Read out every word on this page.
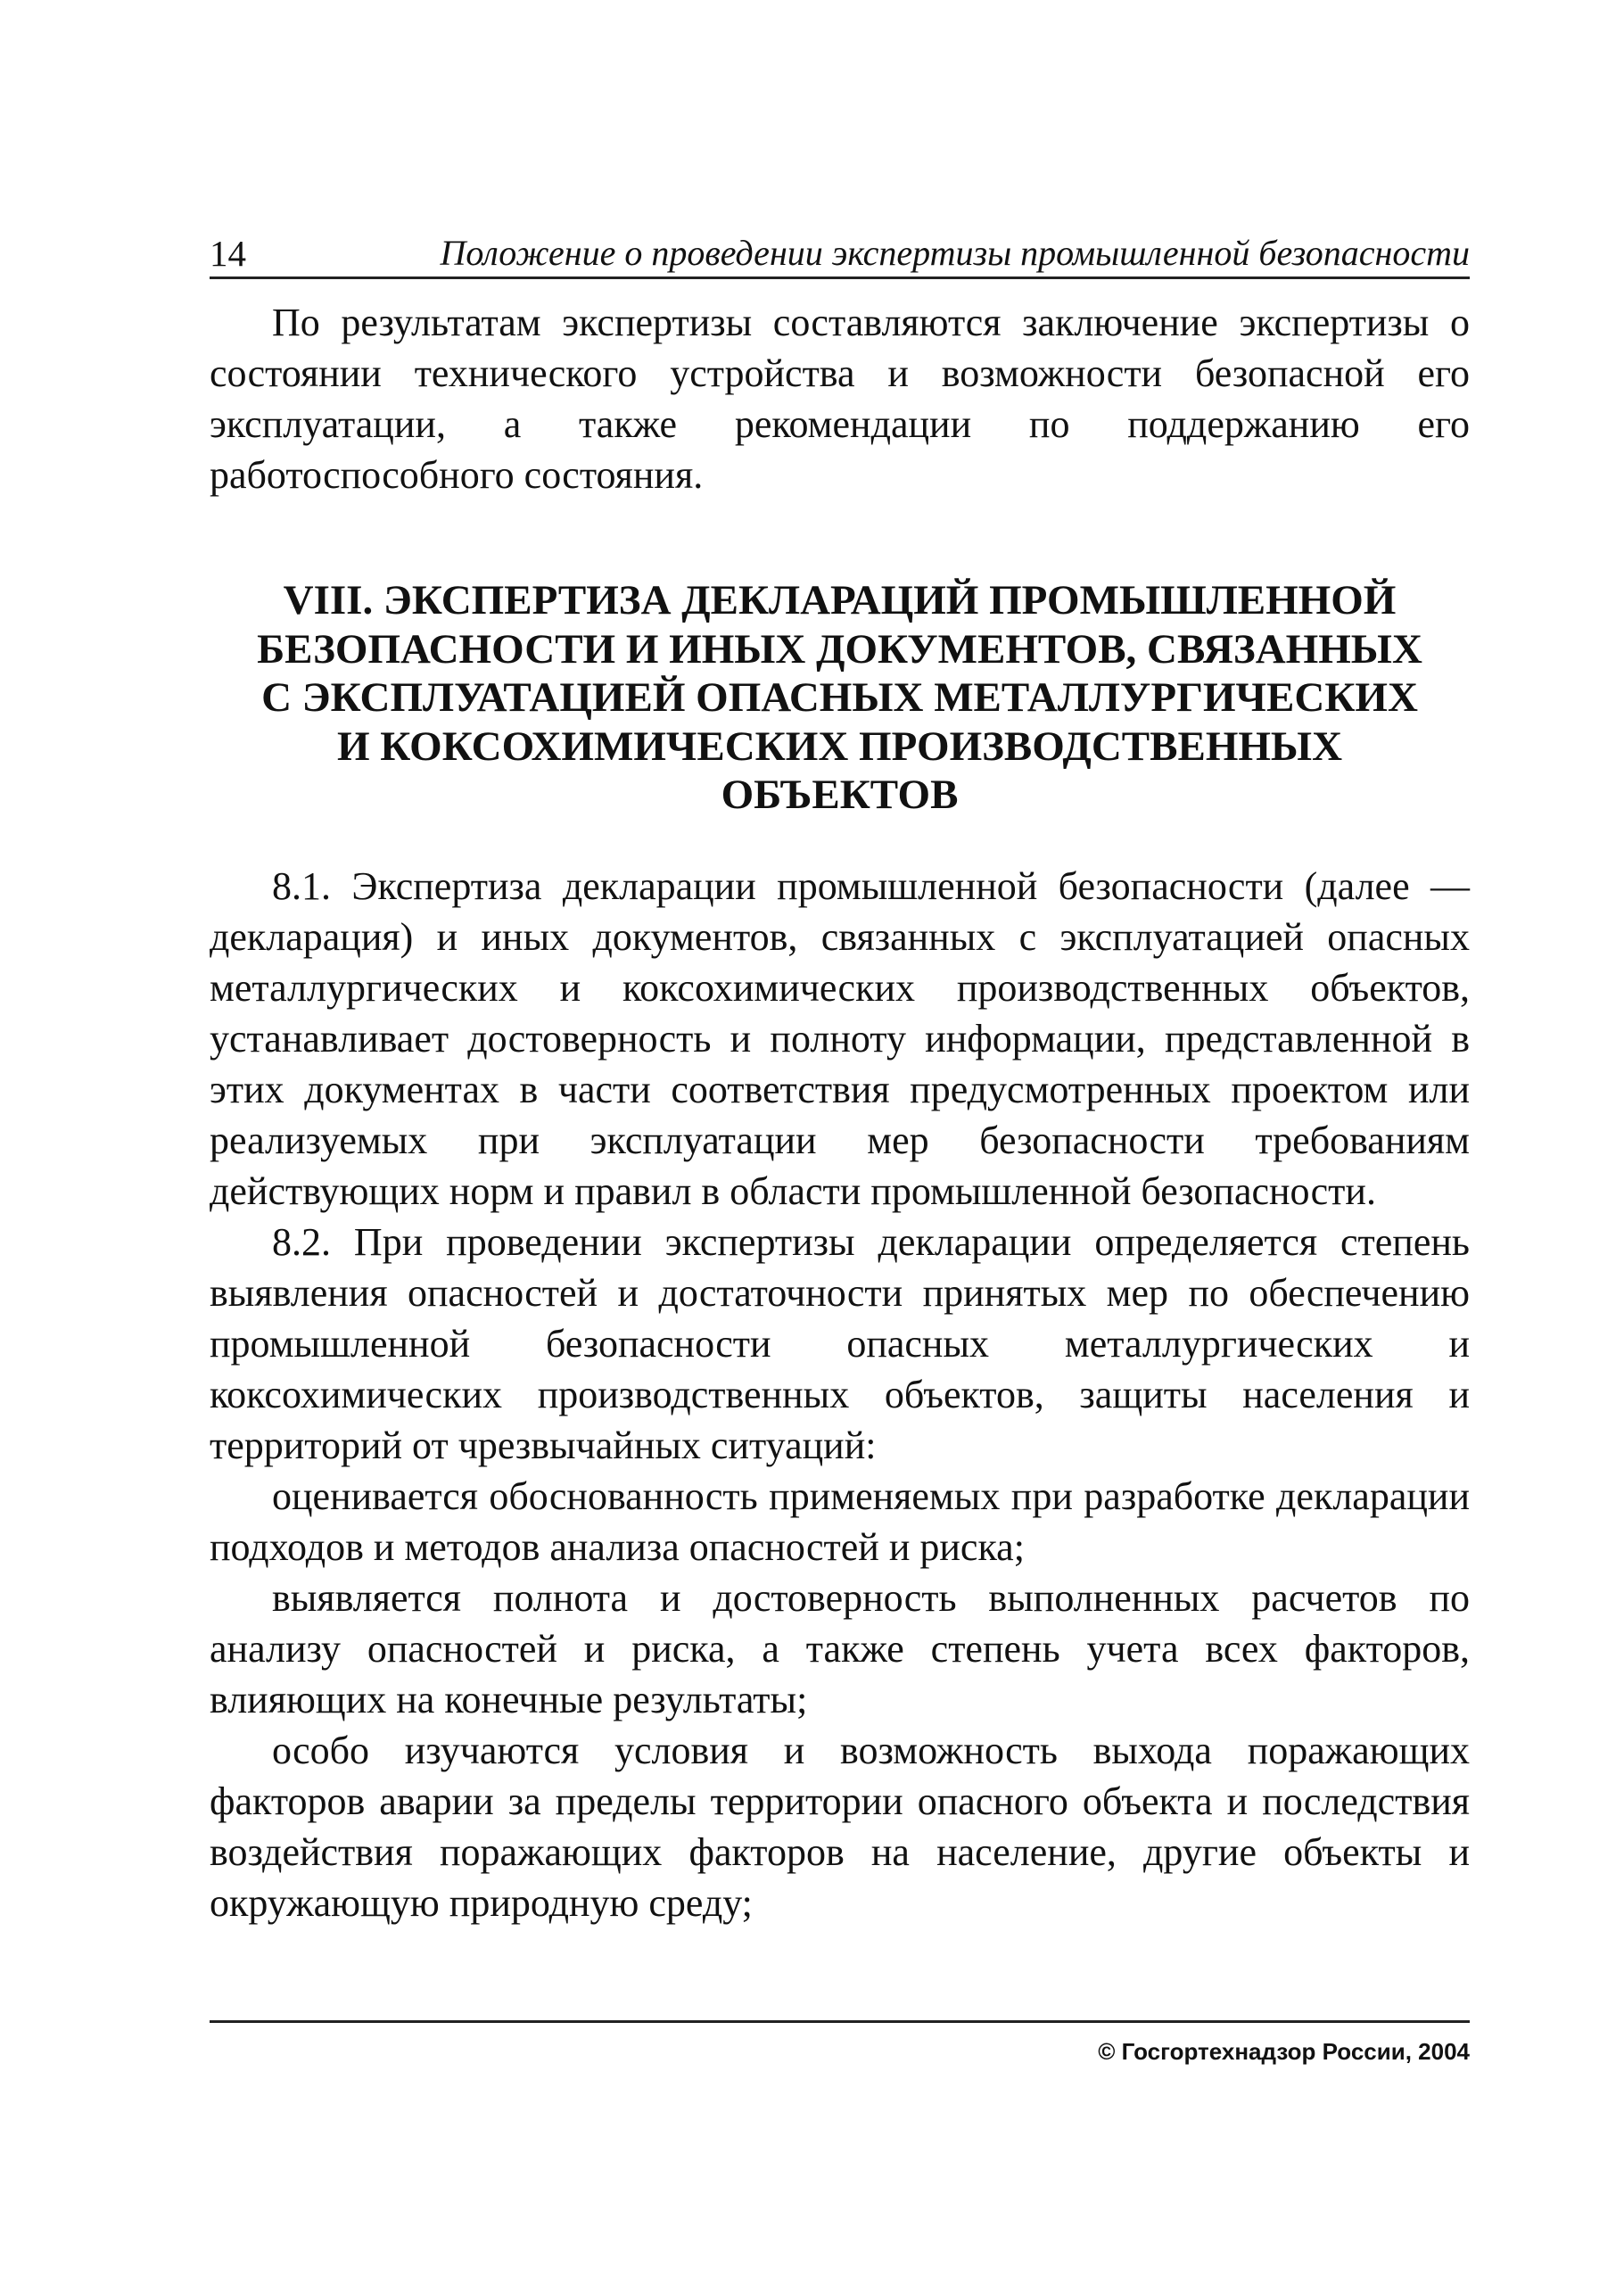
14	Положение о проведении экспертизы промышленной безопасности

По результатам экспертизы составляются заключение экспертизы о состоянии технического устройства и возможности безопасной его эксплуатации, а также рекомендации по поддержанию его работоспособного состояния.

VIII. ЭКСПЕРТИЗА ДЕКЛАРАЦИЙ ПРОМЫШЛЕННОЙ
БЕЗОПАСНОСТИ И ИНЫХ ДОКУМЕНТОВ, СВЯЗАННЫХ
С ЭКСПЛУАТАЦИЕЙ ОПАСНЫХ МЕТАЛЛУРГИЧЕСКИХ
И КОКСОХИМИЧЕСКИХ ПРОИЗВОДСТВЕННЫХ
ОБЪЕКТОВ

8.1. Экспертиза декларации промышленной безопасности (далее — декларация) и иных документов, связанных с эксплуатацией опасных металлургических и коксохимических производственных объектов, устанавливает достоверность и полноту информации, представленной в этих документах в части соответствия предусмотренных проектом или реализуемых при эксплуатации мер безопасности требованиям действующих норм и правил в области промышленной безопасности.

8.2. При проведении экспертизы декларации определяется степень выявления опасностей и достаточности принятых мер по обеспечению промышленной безопасности опасных металлургических и коксохимических производственных объектов, защиты населения и территорий от чрезвычайных ситуаций:

оценивается обоснованность применяемых при разработке декларации подходов и методов анализа опасностей и риска;

выявляется полнота и достоверность выполненных расчетов по анализу опасностей и риска, а также степень учета всех факторов, влияющих на конечные результаты;

особо изучаются условия и возможность выхода поражающих факторов аварии за пределы территории опасного объекта и последствия воздействия поражающих факторов на население, другие объекты и окружающую природную среду;

© Госгортехнадзор России, 2004
